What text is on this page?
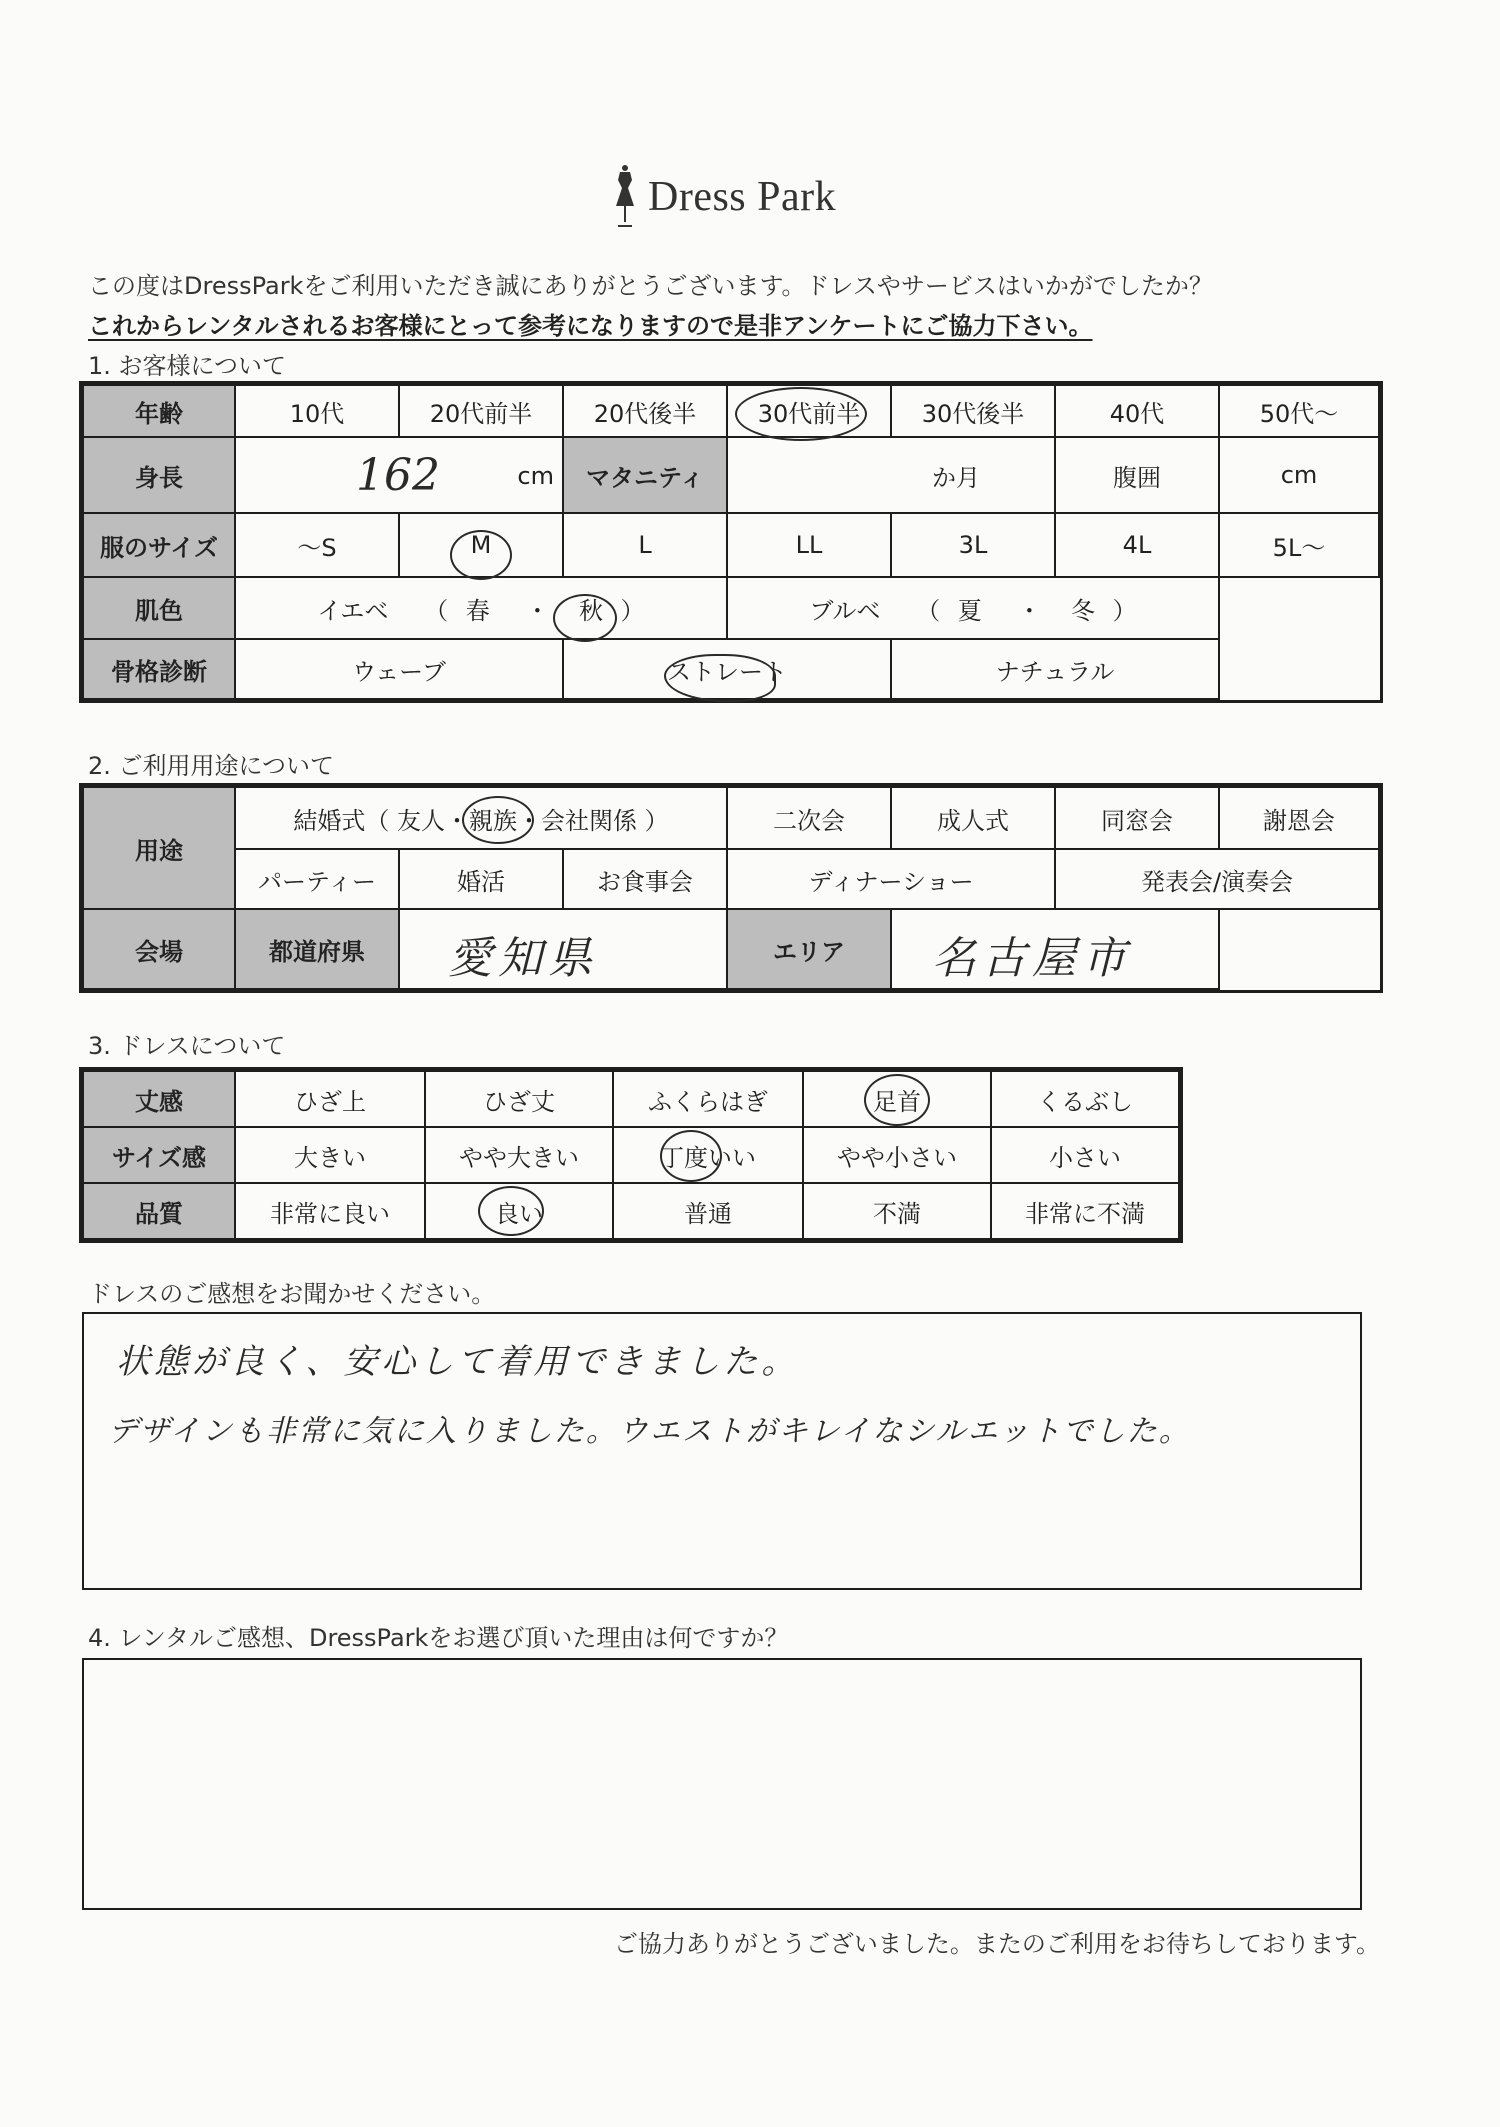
Dress Park
この度はDressParkをご利用いただき誠にありがとうございます。ドレスやサービスはいかがでしたか？
これからレンタルされるお客様にとって参考になりますので是非アンケートにご協力下さい。
1. お客様について
年齢	10代	20代前半	20代後半	30代前半	30代後半	40代	50代～
身長	162 cm		マタニティ	か月		腹囲	cm
服のサイズ	～S	M	L	LL	3L	4L	5L～
肌色	イエベ （ 春 ・ 秋 ）			ブルベ （ 夏 ・ 冬 ）			
骨格診断	ウェーブ		ストレート		ナチュラル		
2. ご利用用途について
用途	結婚式（ 友人・親族・会社関係 ）			二次会	成人式	同窓会	謝恩会
	パーティー	婚活	お食事会	ディナーショー		発表会/演奏会	
会場	都道府県	愛知県		エリア	名古屋市		

3. ドレスについて
丈感	ひざ上	ひざ丈	ふくらはぎ	足首	くるぶし
サイズ感	大きい	やや大きい	丁度いい	やや小さい	小さい
品質	非常に良い	良い	普通	不満	非常に不満
ドレスのご感想をお聞かせください。
状態が良く、安心して着用できました。
デザインも非常に気に入りました。ウエストがキレイなシルエットでした。
4. レンタルご感想、DressParkをお選び頂いた理由は何ですか？
ご協力ありがとうございました。またのご利用をお待ちしております。
